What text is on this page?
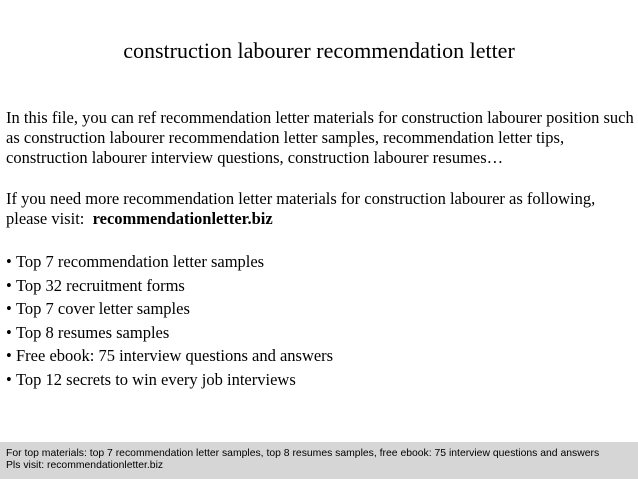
construction labourer recommendation letter

In this file, you can ref recommendation letter materials for construction labourer position such as construction labourer recommendation letter samples, recommendation letter tips, construction labourer interview questions, construction labourer resumes…

If you need more recommendation letter materials for construction labourer as following, please visit: recommendationletter.biz

• Top 7 recommendation letter samples
• Top 32 recruitment forms
• Top 7 cover letter samples
• Top 8 resumes samples
• Free ebook: 75 interview questions and answers
• Top 12 secrets to win every job interviews
For top materials: top 7 recommendation letter samples, top 8 resumes samples, free ebook: 75 interview questions and answers
Pls visit: recommendationletter.biz
